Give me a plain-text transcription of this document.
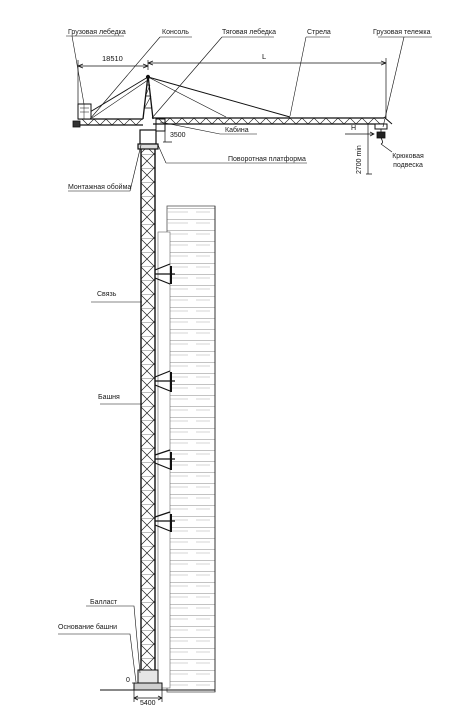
Грузовая лебедка	Консоль	Тяговая лебедка	Стрела	Грузовая тележка
Кабина
Поворотная платформа	Крюковая
подвеска
Монтажная обойма
Связь
Башня
Балласт
Основание башни
18510	L
3500
H
2700 min
5400
0
